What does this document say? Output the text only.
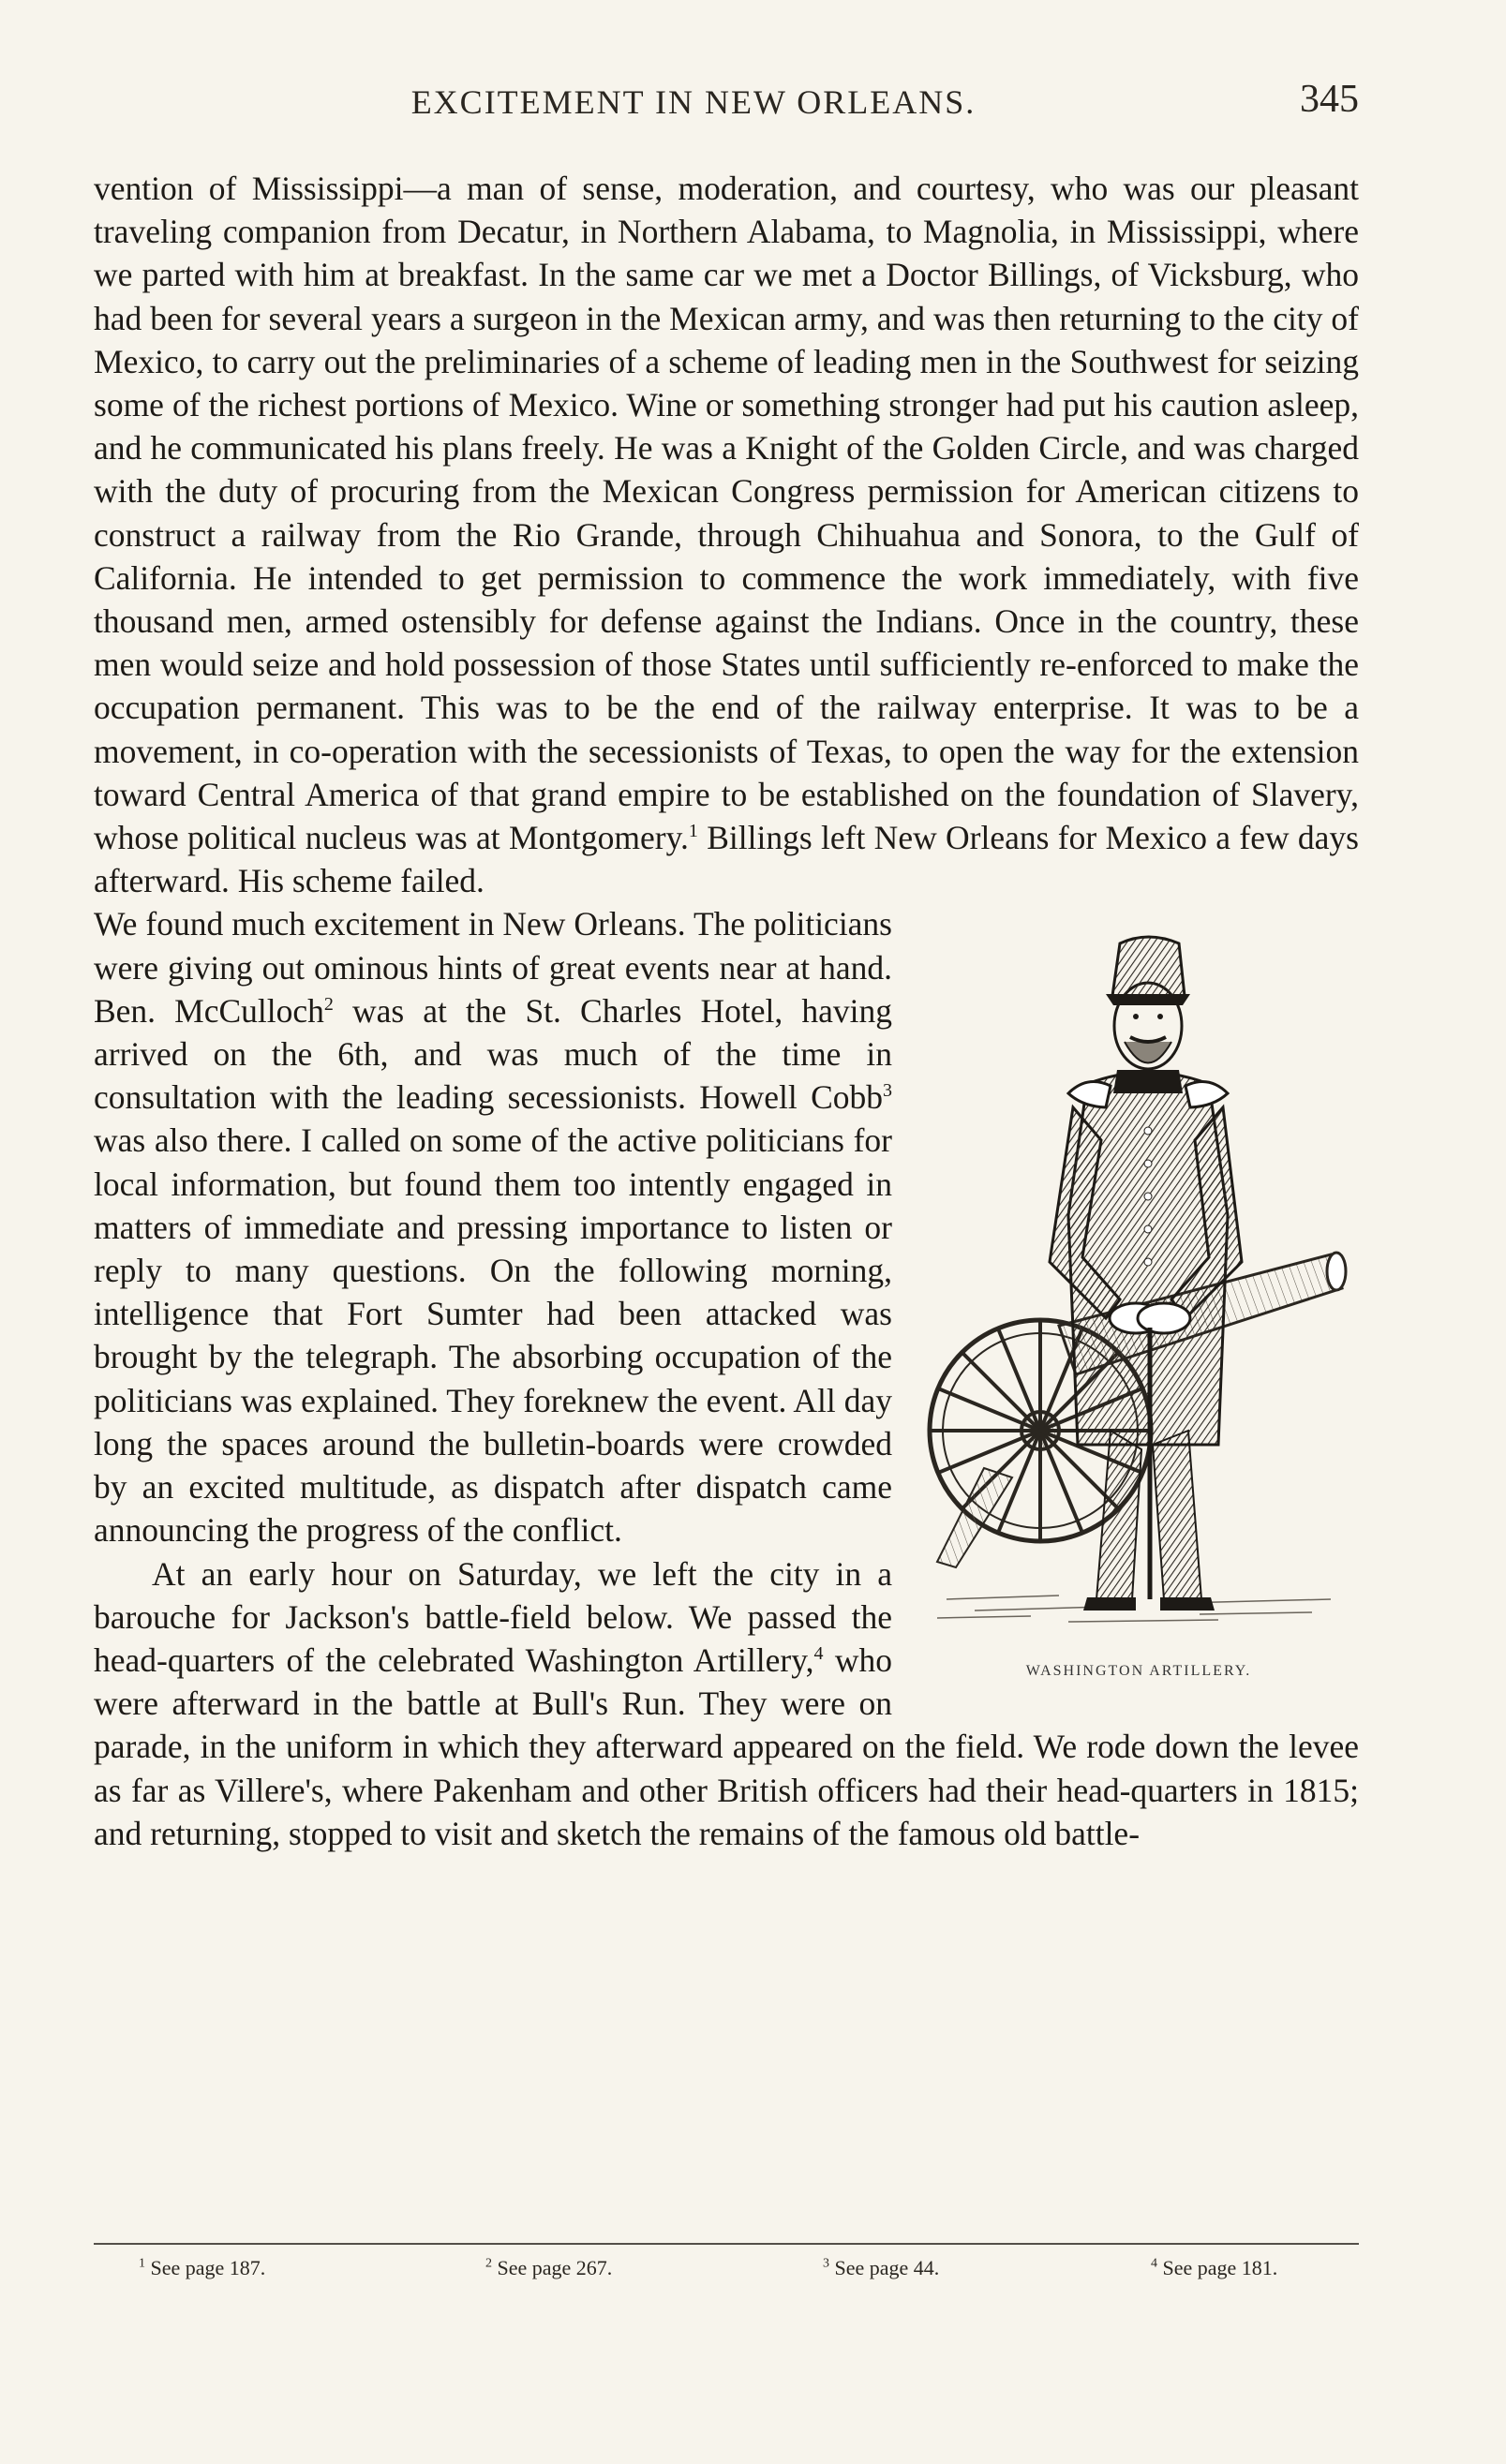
EXCITEMENT IN NEW ORLEANS.	345

vention of Mississippi—a man of sense, moderation, and courtesy, who was our pleasant traveling companion from Decatur, in Northern Alabama, to Magnolia, in Mississippi, where we parted with him at breakfast. In the same car we met a Doctor Billings, of Vicksburg, who had been for several years a surgeon in the Mexican army, and was then returning to the city of Mexico, to carry out the preliminaries of a scheme of leading men in the Southwest for seizing some of the richest portions of Mexico. Wine or something stronger had put his caution asleep, and he communicated his plans freely. He was a Knight of the Golden Circle, and was charged with the duty of procuring from the Mexican Congress permission for American citizens to construct a railway from the Rio Grande, through Chihuahua and Sonora, to the Gulf of California. He intended to get permission to commence the work immediately, with five thousand men, armed ostensibly for defense against the Indians. Once in the country, these men would seize and hold possession of those States until sufficiently re-enforced to make the occupation permanent. This was to be the end of the railway enterprise. It was to be a movement, in co-operation with the secessionists of Texas, to open the way for the extension toward Central America of that grand empire to be established on the foundation of Slavery, whose political nucleus was at Montgomery.$^1$ Billings left New Orleans for Mexico a few days afterward. His scheme failed.

WASHINGTON ARTILLERY.

We found much excitement in New Orleans. The politicians were giving out ominous hints of great events near at hand. Ben. McCulloch$^2$ was at the St. Charles Hotel, having arrived on the 6th, and was much of the time in consultation with the leading secessionists. Howell Cobb$^3$ was also there. I called on some of the active politicians for local information, but found them too intently engaged in matters of immediate and pressing importance to listen or reply to many questions. On the following morning, intelligence that Fort Sumter had been attacked was brought by the telegraph. The absorbing occupation of the politicians was explained. They foreknew the event. All day long the spaces around the bulletin-boards were crowded by an excited multitude, as dispatch after dispatch came announcing the progress of the conflict.

At an early hour on Saturday, we left the city in a barouche for Jackson's battle-field below. We passed the head-quarters of the celebrated Washington Artillery,$^4$ who were afterward in the battle at Bull's Run. They were on parade, in the uniform in which they afterward appeared on the field. We rode down the levee as far as Villere's, where Pakenham and other British officers had their head-quarters in 1815; and returning, stopped to visit and sketch the remains of the famous old battle-

$^1$ See page 187.	$^2$ See page 267.	$^3$ See page 44.	$^4$ See page 181.
